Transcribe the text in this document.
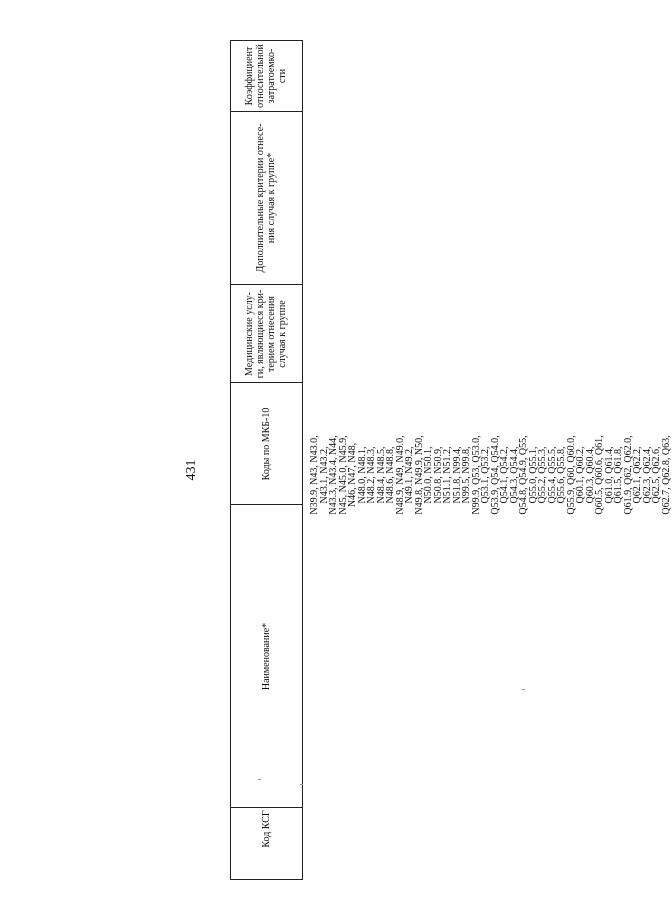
431
Код КСГ
Наименование*
Коды по МКБ-10
Медицинские услу-ги, являющиеся кри-терием отнесения случая к группе
Дополнительные критерии отнесе-ния случая к группе*
Коэффициент относительной затратоемко-сти
N39.9, N43, N43.0,
N43.1, N43.2,
N43.3, N43.4, N44,
N45, N45.0, N45.9,
N46, N47, N48,
N48.0, N48.1,
N48.2, N48.3,
N48.4, N48.5,
N48.6, N48.8,
N48.9, N49, N49.0,
N49.1, N49.2,
N49.8, N49.9, N50,
N50.0, N50.1,
N50.8, N50.9,
N51.1, N51.2,
N51.8, N99.4,
N99.5, N99.8,
N99.9, Q53, Q53.0,
Q53.1, Q53.2,
Q53.9, Q54, Q54.0,
Q54.1, Q54.2,
Q54.3, Q54.4,
Q54.8, Q54.9, Q55,
Q55.0, Q55.1,
Q55.2, Q55.3,
Q55.4, Q55.5,
Q55.6, Q55.8,
Q55.9, Q60, Q60.0,
Q60.1, Q60.2,
Q60.3, Q60.4,
Q60.5, Q60.6, Q61,
Q61.0, Q61.4,
Q61.5, Q61.8,
Q61.9, Q62, Q62.0,
Q62.1, Q62.2,
Q62.3, Q62.4,
Q62.5, Q62.6,
Q62.7, Q62.8, Q63,
